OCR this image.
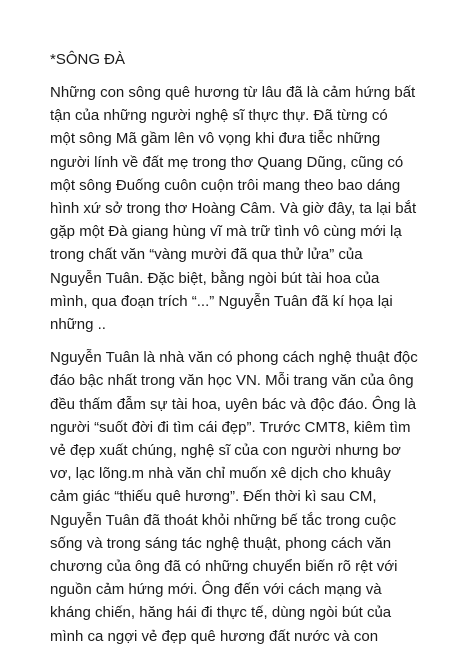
*SÔNG ĐÀ
Những con sông quê hương từ lâu đã là cảm hứng bất
tận của những người nghệ sĩ thực thự. Đã từng có
một sông Mã gầm lên vô vọng khi đưa tiễc những
người lính về đất mẹ trong thơ Quang Dũng, cũng có
một sông Đuống cuôn cuộn trôi mang theo bao dáng
hình xứ sở trong thơ Hoàng Câm. Và giờ đây, ta lại bắt
gặp một Đà giang hùng vĩ mà trữ tình vô cùng mới lạ
trong chất văn “vàng mười đã qua thử lửa” của
Nguyễn Tuân. Đặc biệt, bằng ngòi bút tài hoa của
mình, qua đoạn trích “...” Nguyễn Tuân đã kí họa lại
những ..
Nguyễn Tuân là nhà văn có phong cách nghệ thuật độc
đáo bậc nhất trong văn học VN. Mỗi trang văn của ông
đều thấm đẫm sự tài hoa, uyên bác và độc đáo. Ông là
người “suốt đời đi tìm cái đẹp”. Trước CMT8, kiêm tìm
vẻ đẹp xuất chúng, nghệ sĩ của con người nhưng bơ
vơ, lạc lõng.m nhà văn chỉ muốn xê dịch cho khuây
cảm giác “thiếu quê hương”. Đến thời kì sau CM,
Nguyễn Tuân đã thoát khỏi những bế tắc trong cuộc
sống và trong sáng tác nghệ thuật, phong cách văn
chương của ông đã có những chuyển biến rõ rệt với
nguồn cảm hứng mới. Ông đến với cách mạng và
kháng chiến, hăng hái đi thực tế, dùng ngòi bút của
mình ca ngợi vẻ đẹp quê hương đất nước và con
